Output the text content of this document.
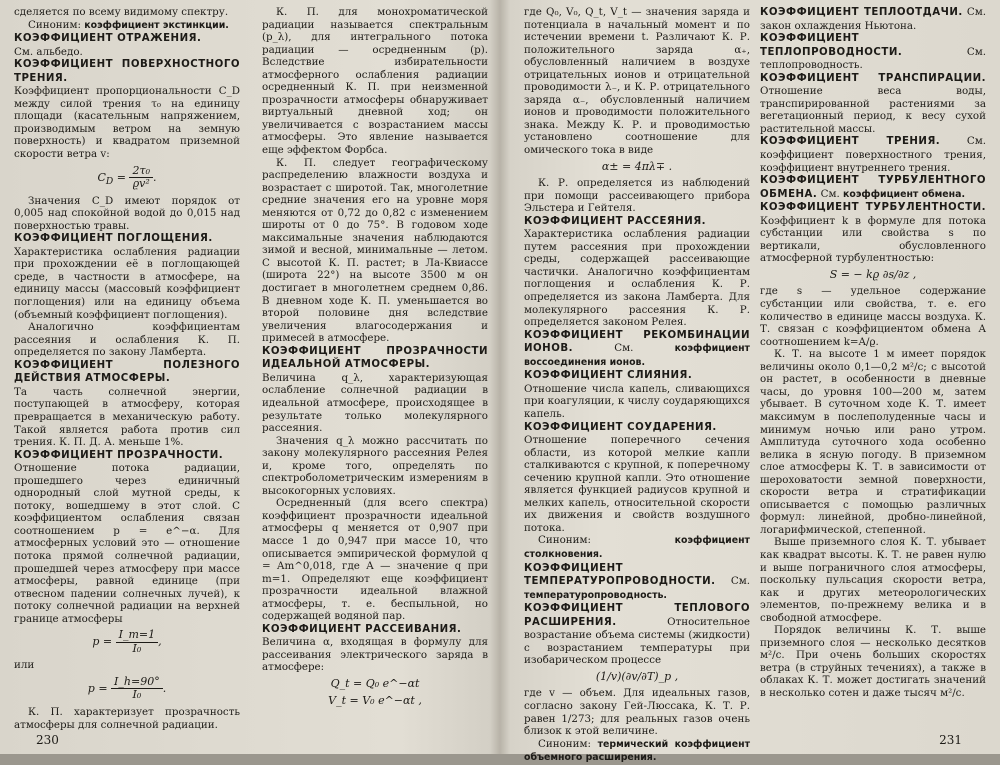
сделяется по всему видимому спектру.

Синоним: коэффициент экстинкции.

КОЭФФИЦИЕНТ ОТРАЖЕНИЯ.

См. альбедо.

КОЭФФИЦИЕНТ ПОВЕРХНОСТНОГО ТРЕНИЯ.

Коэффициент пропорциональности C_D между силой трения τ₀ на единицу площади (касательным напряжением, производимым ветром на земную поверхность) и квадратом приземной скорости ветра v:

$C_D = \frac{\text{2τ₀}}{\text{ϱv²}}$ .

Значения C_D имеют порядок от 0,005 над спокойной водой до 0,015 над поверхностью травы.

КОЭФФИЦИЕНТ ПОГЛОЩЕНИЯ.

Характеристика ослабления радиации при прохождении её в поглощающей среде, в частности в атмосфере, на единицу массы (массовый коэффициент поглощения) или на единицу объема (объемный коэффициент поглощения).

Аналогично коэффициентам рассеяния и ослабления К. П. определяется по закону Ламберта.

КОЭФФИЦИЕНТ ПОЛЕЗНОГО ДЕЙСТВИЯ АТМОСФЕРЫ.

Та часть солнечной энергии, поступающей в атмосферу, которая превращается в механическую работу. Такой является работа против сил трения. К. П. Д. А. меньше 1%.

КОЭФФИЦИЕНТ ПРОЗРАЧНОСТИ.

Отношение потока радиации, прошедшего через единичный однородный слой мутной среды, к потоку, вошедшему в этот слой. С коэффициентом ослабления связан соотношением p = e^−α. Для атмосферных условий это — отношение потока прямой солнечной радиации, прошедшей через атмосферу при массе атмосферы, равной единице (при отвесном падении солнечных лучей), к потоку солнечной радиации на верхней границе атмосферы

$p = \frac{I\_m=1}{\text{I₀}}$ ,

или

$p = \frac{I\_h=90^\circ}{\text{I₀}}$ .

К. П. характеризует прозрачность атмосферы для солнечной радиации.

К. П. для монохроматической радиации называется спектральным (p_λ), для интегрального потока радиации — осредненным (p). Вследствие избирательности атмосферного ослабления радиации осредненный К. П. при неизменной прозрачности атмосферы обнаруживает виртуальный дневной ход; он увеличивается с возрастанием массы атмосферы. Это явление называется еще эффектом Форбса.

К. П. следует географическому распределению влажности воздуха и возрастает с широтой. Так, многолетние средние значения его на уровне моря меняются от 0,72 до 0,82 с изменением широты от 0 до 75°. В годовом ходе максимальные значения наблюдаются зимой и весной, минимальные — летом. С высотой К. П. растет; в Ла-Квиассе (широта 22°) на высоте 3500 м он достигает в многолетнем среднем 0,86. В дневном ходе К. П. уменьшается во второй половине дня вследствие увеличения влагосодержания и примесей в атмосфере.

КОЭФФИЦИЕНТ ПРОЗРАЧНОСТИ ИДЕАЛЬНОЙ АТМОСФЕРЫ.

Величина q_λ, характеризующая ослабление солнечной радиации в идеальной атмосфере, происходящее в результате только молекулярного рассеяния.

Значения q_λ можно рассчитать по закону молекулярного рассеяния Релея и, кроме того, определять по спектроболометрическим измерениям в высокогорных условиях.

Осредненный (для всего спектра) коэффициент прозрачности идеальной атмосферы q меняется от 0,907 при массе 1 до 0,947 при массе 10, что описывается эмпирической формулой q = Am^0,018, где A — значение q при m=1. Определяют еще коэффициент прозрачности идеальной влажной атмосферы, т. е. беспыльной, но содержащей водяной пар.

КОЭФФИЦИЕНТ РАССЕИВАНИЯ.

Величина α, входящая в формулу для рассеивания электрического заряда в атмосфере:

Q_t = Q₀ e^−αt
V_t = V₀ e^−αt ,
230

где Q₀, V₀, Q_t, V_t — значения заряда и потенциала в начальный момент и по истечении времени t. Различают К. Р. положительного заряда α₊, обусловленный наличием в воздухе отрицательных ионов и отрицательной проводимости λ₋, и К. Р. отрицательного заряда α₋, обусловленный наличием ионов и проводимости положительного знака. Между К. Р. и проводимостью установлено соотношение для омического тока в виде

α± = 4πλ∓ .

К. Р. определяется из наблюдений при помощи рассеивающего прибора Эльстера и Гейтеля.

КОЭФФИЦИЕНТ РАССЕЯНИЯ.

Характеристика ослабления радиации путем рассеяния при прохождении среды, содержащей рассеивающие частички. Аналогично коэффициентам поглощения и ослабления К. Р. определяется из закона Ламберта. Для молекулярного рассеяния К. Р. определяется законом Релея.

КОЭФФИЦИЕНТ РЕКОМБИНАЦИИ ИОНОВ.	См.	коэффициент воссоединения ионов.

КОЭФФИЦИЕНТ СЛИЯНИЯ.

Отношение числа капель, сливающихся при коагуляции, к числу соударяющихся капель.

КОЭФФИЦИЕНТ СОУДАРЕНИЯ.

Отношение поперечного сечения области, из которой мелкие капли сталкиваются с крупной, к поперечному сечению крупной капли. Это отношение является функцией радиусов крупной и мелких капель, относительной скорости их движения и свойств воздушного потока.

Синоним:	коэффициент столкновения.

КОЭФФИЦИЕНТ ТЕМПЕРАТУРОПРОВОДНОСТИ. См. температуропроводность.

КОЭФФИЦИЕНТ ТЕПЛОВОГО РАСШИРЕНИЯ.	Относительное возрастание объема системы (жидкости) с возрастанием температуры при изобарическом процессе

(1/v)(∂v/∂T)_p ,

где v — объем. Для идеальных газов, согласно закону Гей-Люссака, К. Т. Р. равен 1/273; для реальных газов очень близок к этой величине.

Синоним: термический коэффициент объемного расширения.

КОЭФФИЦИЕНТ ТЕПЛООТДАЧИ. См. закон охлаждения Ньютона.

КОЭФФИЦИЕНТ ТЕПЛОПРОВОДНОСТИ.	См. теплопроводность.

КОЭФФИЦИЕНТ ТРАНСПИРАЦИИ. Отношение веса воды, транспирированной растениями за вегетационный период, к весу сухой растительной массы.

КОЭФФИЦИЕНТ ТРЕНИЯ.	См. коэффициент поверхностного трения, коэффициент внутреннего трения.

КОЭФФИЦИЕНТ ТУРБУЛЕНТНОГО ОБМЕНА. См. коэффициент обмена.

КОЭФФИЦИЕНТ ТУРБУЛЕНТНОСТИ. Коэффициент k в формуле для потока субстанции или свойства s по вертикали, обусловленного атмосферной турбулентностью:

S = − kϱ ∂s/∂z ,

где s — удельное содержание субстанции или свойства, т. е. его количество в единице массы воздуха. К. Т. связан с коэффициентом обмена A соотношением k=A/ϱ.

К. Т. на высоте 1 м имеет порядок величины около 0,1—0,2 м²/с; с высотой он растет, в особенности в дневные часы, до уровня 100—200 м, затем убывает. В суточном ходе К. Т. имеет максимум в послеполуденные часы и минимум ночью или рано утром. Амплитуда суточного хода особенно велика в ясную погоду. В приземном слое атмосферы К. Т. в зависимости от шероховатости земной поверхности, скорости ветра и стратификации описывается с помощью различных формул: линейной, дробно-линейной, логарифмической, степенной.

Выше приземного слоя К. Т. убывает как квадрат высоты. К. Т. не равен нулю и выше пограничного слоя атмосферы, поскольку пульсация скорости ветра, как и других метеорологических элементов, по-прежнему велика и в свободной атмосфере.

Порядок величины К. Т. выше приземного слоя — несколько десятков м²/с. При очень больших скоростях ветра (в струйных течениях), а также в облаках К. Т. может достигать значений в несколько сотен и даже тысяч м²/с.

231
